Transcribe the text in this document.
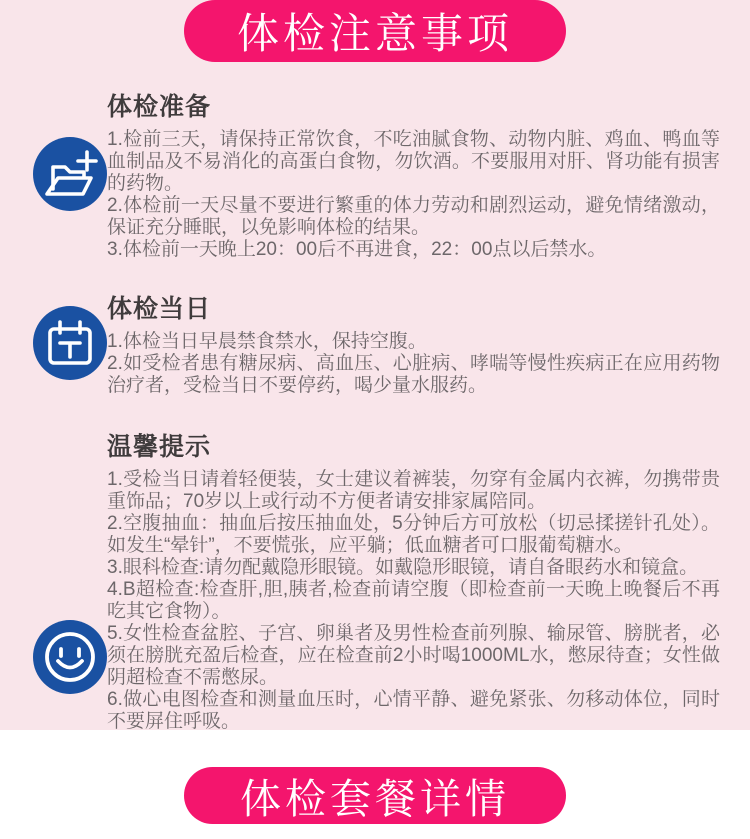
体检注意事项
体检准备

1.检前三天，请保持正常饮食，不吃油腻食物、动物内脏、鸡血、鸭血等血制品及不易消化的高蛋白食物，勿饮酒。不要服用对肝、肾功能有损害的药物。

2.体检前一天尽量不要进行繁重的体力劳动和剧烈运动，避免情绪激动，保证充分睡眠，以免影响体检的结果。

3.体检前一天晚上20：00后不再进食，22：00点以后禁水。

体检当日

1.体检当日早晨禁食禁水，保持空腹。

2.如受检者患有糖尿病、高血压、心脏病、哮喘等慢性疾病正在应用药物治疗者，受检当日不要停药，喝少量水服药。

温馨提示

1.受检当日请着轻便装，女士建议着裤装，勿穿有金属内衣裤，勿携带贵重饰品；70岁以上或行动不方便者请安排家属陪同。

2.空腹抽血：抽血后按压抽血处，5分钟后方可放松（切忌揉搓针孔处）。如发生“晕针”，不要慌张，应平躺；低血糖者可口服葡萄糖水。

3.眼科检查:请勿配戴隐形眼镜。如戴隐形眼镜，请自备眼药水和镜盒。

4.B超检查:检查肝,胆,胰者,检查前请空腹（即检查前一天晚上晚餐后不再吃其它食物）。

5.女性检查盆腔、子宫、卵巢者及男性检查前列腺、输尿管、膀胱者，必须在膀胱充盈后检查，应在检查前2小时喝1000ML水，憋尿待查；女性做阴超检查不需憋尿。

6.做心电图检查和测量血压时，心情平静、避免紧张、勿移动体位，同时不要屏住呼吸。

体检套餐详情
